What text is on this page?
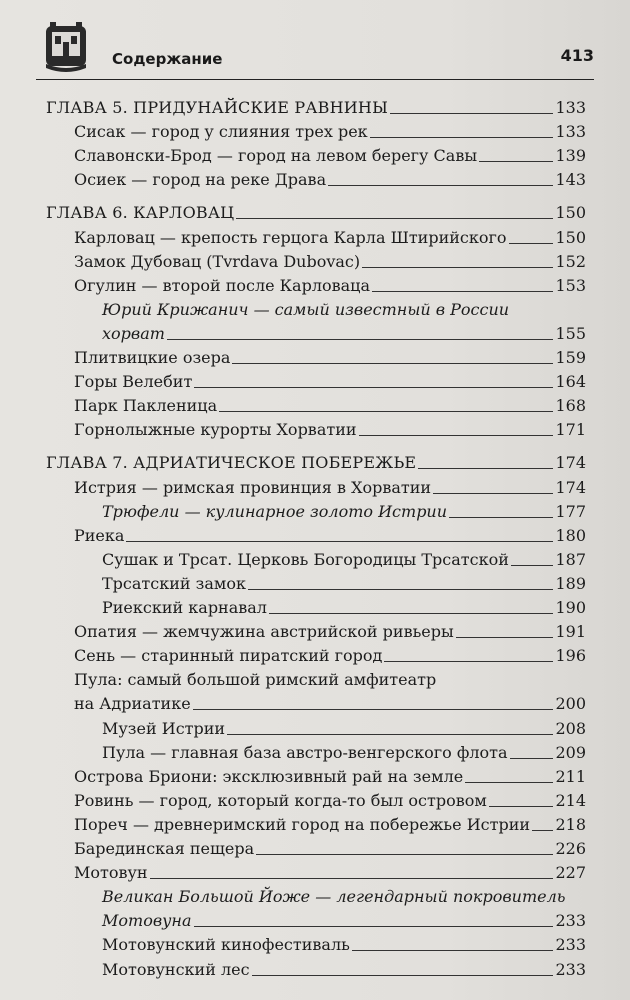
Содержание	413
ГЛАВА 5. ПРИДУНАЙСКИЕ РАВНИНЫ	133
Сисак — город у слияния трех рек	133
Славонски-Брод — город на левом берегу Савы	139
Осиек — город на реке Драва	143
ГЛАВА 6. КАРЛОВАЦ	150
Карловац — крепость герцога Карла Штирийского	150
Замок Дубовац (Tvrdava Dubovac)	152
Огулин — второй после Карловаца	153
Юрий Крижанич — самый известный в России
хорват	155
Плитвицкие озера	159
Горы Велебит	164
Парк Пакленица	168
Горнолыжные курорты Хорватии	171
ГЛАВА 7. АДРИАТИЧЕСКОЕ ПОБЕРЕЖЬЕ	174
Истрия — римская провинция в Хорватии	174
Трюфели — кулинарное золото Истрии	177
Риека	180
Сушак и Трсат. Церковь Богородицы Трсатской	187
Трсатский замок	189
Риекский карнавал	190
Опатия — жемчужина австрийской ривьеры	191
Сень — старинный пиратский город	196
Пула: самый большой римский амфитеатр
на Адриатике	200
Музей Истрии	208
Пула — главная база австро-венгерского флота	209
Острова Бриони: эксклюзивный рай на земле	211
Ровинь — город, который когда-то был островом	214
Пореч — древнеримский город на побережье Истрии 218
Барединская пещера	226
Мотовун	227
Великан Большой Йоже — легендарный покровитель
Мотовуна	233
Мотовунский кинофестиваль	233
Мотовунский лес	233
